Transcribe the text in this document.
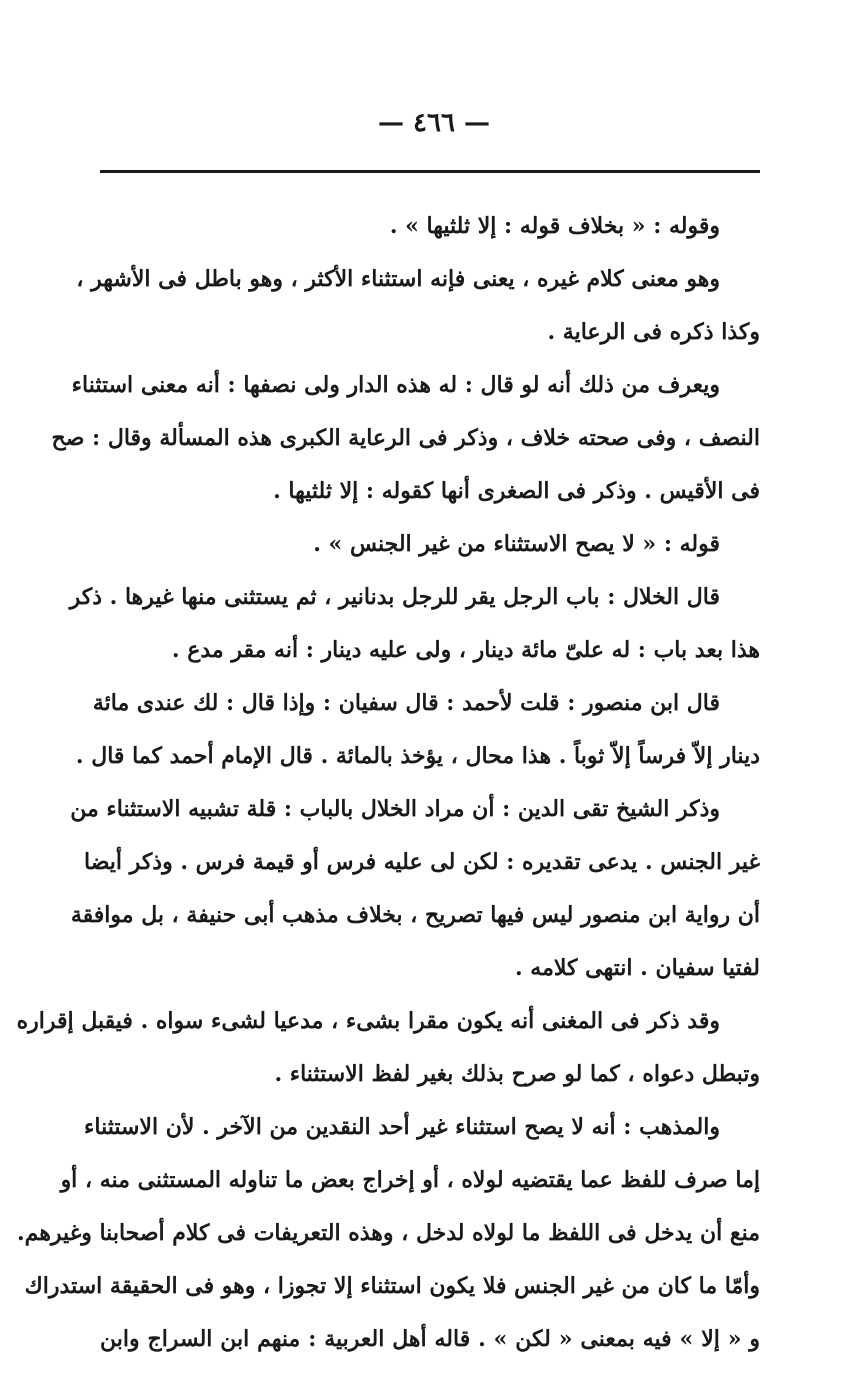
— ٤٦٦ —
وقوله : « بخلاف قوله : إلا ثلثيها » .
وهو معنى كلام غيره ، يعنى فإنه استثناء الأكثر ، وهو باطل فى الأشهر ،
وكذا ذكره فى الرعاية .
ويعرف من ذلك أنه لو قال : له هذه الدار ولى نصفها : أنه معنى استثناء
النصف ، وفى صحته خلاف ، وذكر فى الرعاية الكبرى هذه المسألة وقال : صح
فى الأقيس . وذكر فى الصغرى أنها كقوله : إلا ثلثيها .
قوله : « لا يصح الاستثناء من غير الجنس » .
قال الخلال : باب الرجل يقر للرجل بدنانير ، ثم يستثنى منها غيرها . ذكر
هذا بعد باب : له علىّ مائة دينار ، ولى عليه دينار : أنه مقر مدع .
قال ابن منصور : قلت لأحمد : قال سفيان : وإذا قال : لك عندى مائة
دينار إلاّ فرساً إلاّ ثوباً . هذا محال ، يؤخذ بالمائة . قال الإمام أحمد كما قال .
وذكر الشيخ تقى الدين : أن مراد الخلال بالباب : قلة تشبيه الاستثناء من
غير الجنس . يدعى تقديره : لكن لى عليه فرس أو قيمة فرس . وذكر أيضا
أن رواية ابن منصور ليس فيها تصريح ، بخلاف مذهب أبى حنيفة ، بل موافقة
لفتيا سفيان . انتهى كلامه .
وقد ذكر فى المغنى أنه يكون مقرا بشىء ، مدعيا لشىء سواه . فيقبل إقراره
وتبطل دعواه ، كما لو صرح بذلك بغير لفظ الاستثناء .
والمذهب : أنه لا يصح استثناء غير أحد النقدين من الآخر . لأن الاستثناء
إما صرف للفظ عما يقتضيه لولاه ، أو إخراج بعض ما تناوله المستثنى منه ، أو
منع أن يدخل فى اللفظ ما لولاه لدخل ، وهذه التعريفات فى كلام أصحابنا وغيرهم.
وأمّا ما كان من غير الجنس فلا يكون استثناء إلا تجوزا ، وهو فى الحقيقة استدراك
و « إلا » فيه بمعنى « لكن » . قاله أهل العربية : منهم ابن السراج وابن
